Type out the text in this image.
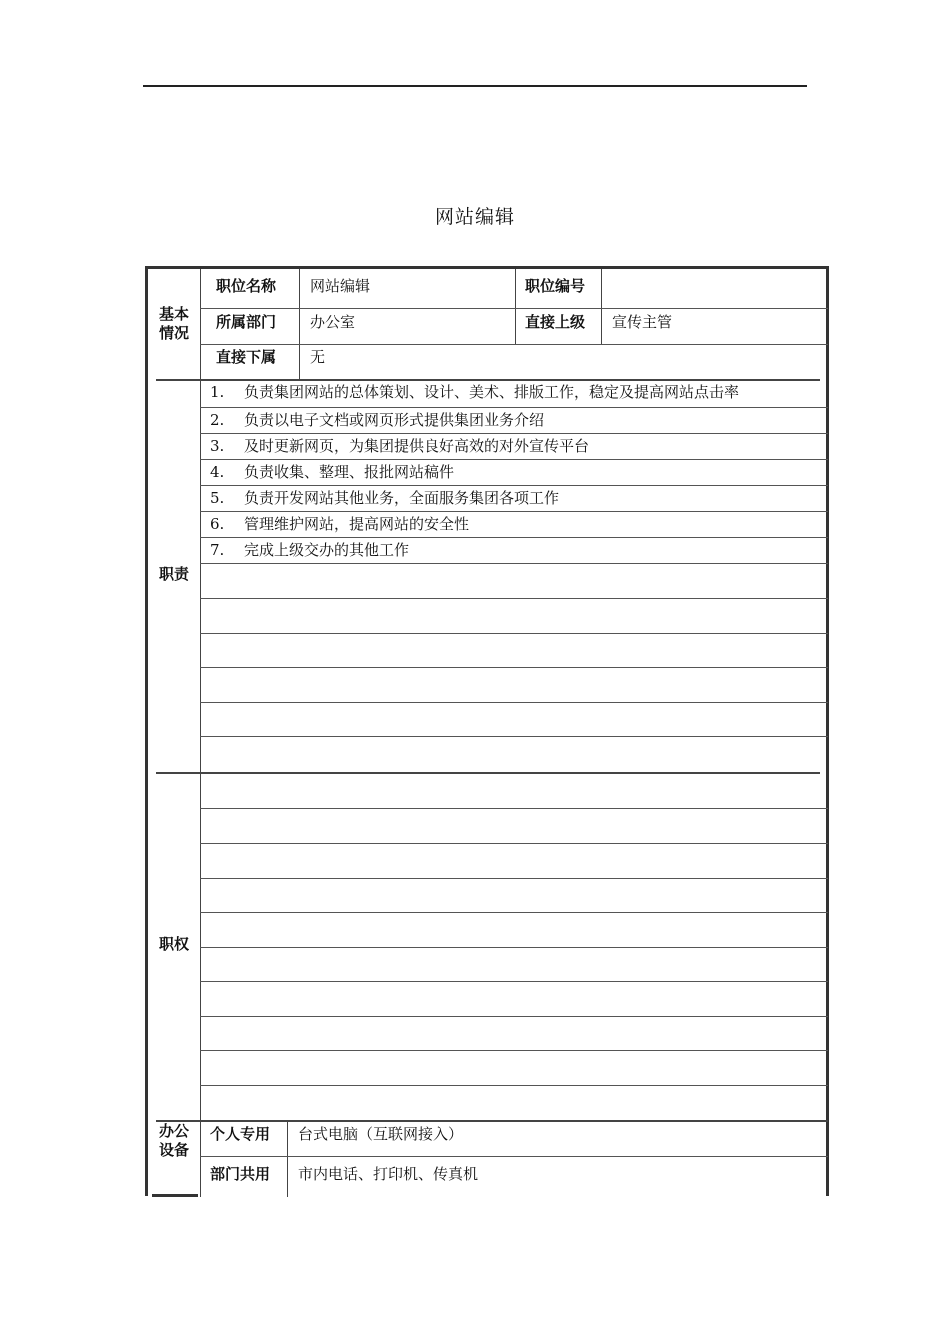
网站编辑
基本
情况
职位名称 网站编辑	职位编号
所属部门 办公室	直接上级 宣传主管
直接下属 无
职责
1. 负责集团网站的总体策划、设计、美术、排版工作，稳定及提高网站点击率
2. 负责以电子文档或网页形式提供集团业务介绍
3. 及时更新网页，为集团提供良好高效的对外宣传平台
4. 负责收集、整理、报批网站稿件
5. 负责开发网站其他业务，全面服务集团各项工作
6. 管理维护网站，提高网站的安全性
7. 完成上级交办的其他工作
职权
办公
设备
个人专用 台式电脑（互联网接入）
部门共用 市内电话、打印机、传真机
